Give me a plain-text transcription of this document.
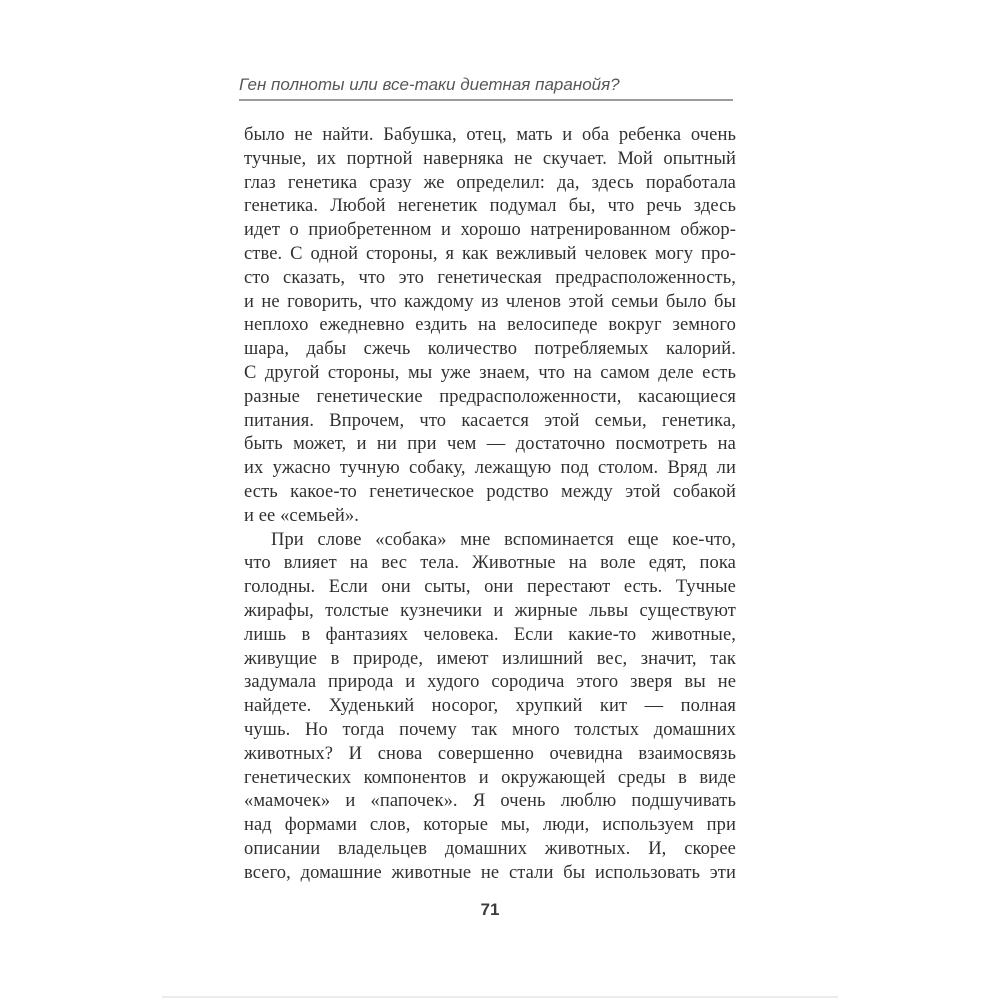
Ген полноты или все-таки диетная паранойя?
было не найти. Бабушка, отец, мать и оба ребенка очень
тучные, их портной наверняка не скучает. Мой опытный
глаз генетика сразу же определил: да, здесь поработала
генетика. Любой негенетик подумал бы, что речь здесь
идет о приобретенном и хорошо натренированном обжор-
стве. С одной стороны, я как вежливый человек могу про-
сто сказать, что это генетическая предрасположенность,
и не говорить, что каждому из членов этой семьи было бы
неплохо ежедневно ездить на велосипеде вокруг земного
шара, дабы сжечь количество потребляемых калорий.
С другой стороны, мы уже знаем, что на самом деле есть
разные генетические предрасположенности, касающиеся
питания. Впрочем, что касается этой семьи, генетика,
быть может, и ни при чем — достаточно посмотреть на
их ужасно тучную собаку, лежащую под столом. Вряд ли
есть какое-то генетическое родство между этой собакой
и ее «семьей».
При слове «собака» мне вспоминается еще кое-что,
что влияет на вес тела. Животные на воле едят, пока
голодны. Если они сыты, они перестают есть. Тучные
жирафы, толстые кузнечики и жирные львы существуют
лишь в фантазиях человека. Если какие-то животные,
живущие в природе, имеют излишний вес, значит, так
задумала природа и худого сородича этого зверя вы не
найдете. Худенький носорог, хрупкий кит — полная
чушь. Но тогда почему так много толстых домашних
животных? И снова совершенно очевидна взаимосвязь
генетических компонентов и окружающей среды в виде
«мамочек» и «папочек». Я очень люблю подшучивать
над формами слов, которые мы, люди, используем при
описании владельцев домашних животных. И, скорее
всего, домашние животные не стали бы использовать эти
71
